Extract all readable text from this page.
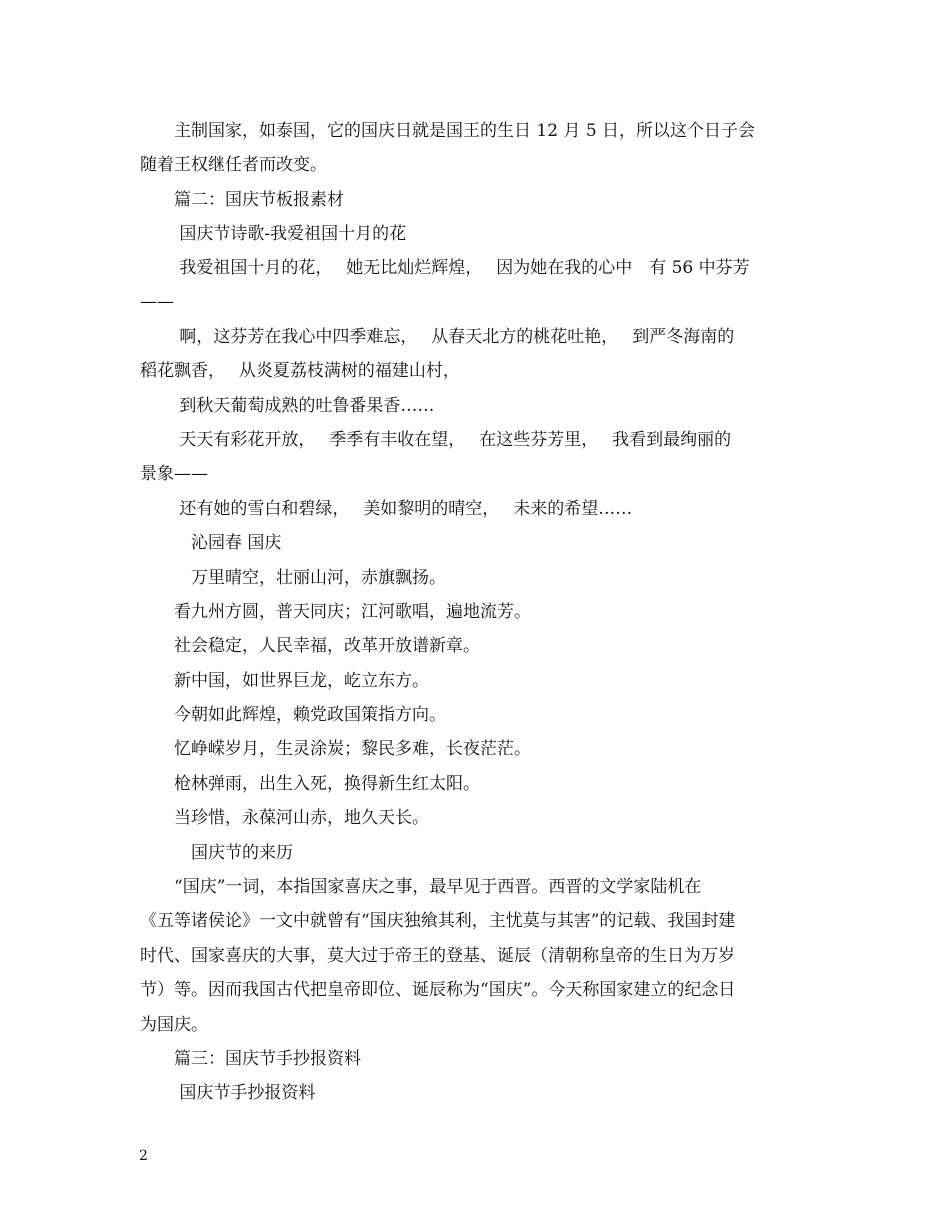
　　主制国家，如泰国，它的国庆日就是国王的生日 12 月 5 日，所以这个日子会
随着王权继任者而改变。
　　篇二：国庆节板报素材
　　 国庆节诗歌-我爱祖国十月的花
　　 我爱祖国十月的花，　 她无比灿烂辉煌，　 因为她在我的心中　有 56 中芬芳
——
　　 啊，这芬芳在我心中四季难忘，　 从春天北方的桃花吐艳，　 到严冬海南的
稻花飘香，　 从炎夏荔枝满树的福建山村，
　　 到秋天葡萄成熟的吐鲁番果香……
　　 天天有彩花开放，　 季季有丰收在望，　 在这些芬芳里，　 我看到最绚丽的
景象——
　　 还有她的雪白和碧绿，　 美如黎明的晴空，　 未来的希望……
　　　沁园春 国庆
　　　万里晴空，壮丽山河，赤旗飘扬。
　　看九州方圆，普天同庆；江河歌唱，遍地流芳。
　　社会稳定，人民幸福，改革开放谱新章。
　　新中国，如世界巨龙，屹立东方。
　　今朝如此辉煌，赖党政国策指方向。
　　忆峥嵘岁月，生灵涂炭；黎民多难，长夜茫茫。
　　枪林弹雨，出生入死，换得新生红太阳。
　　当珍惜，永葆河山赤，地久天长。
　　　国庆节的来历
　　“国庆”一词，本指国家喜庆之事，最早见于西晋。西晋的文学家陆机在
《五等诸侯论》一文中就曾有“国庆独飨其利，主忧莫与其害”的记载、我国封建
时代、国家喜庆的大事，莫大过于帝王的登基、诞辰（清朝称皇帝的生日为万岁
节）等。因而我国古代把皇帝即位、诞辰称为“国庆”。今天称国家建立的纪念日
为国庆。
　　篇三：国庆节手抄报资料
　　 国庆节手抄报资料
2
